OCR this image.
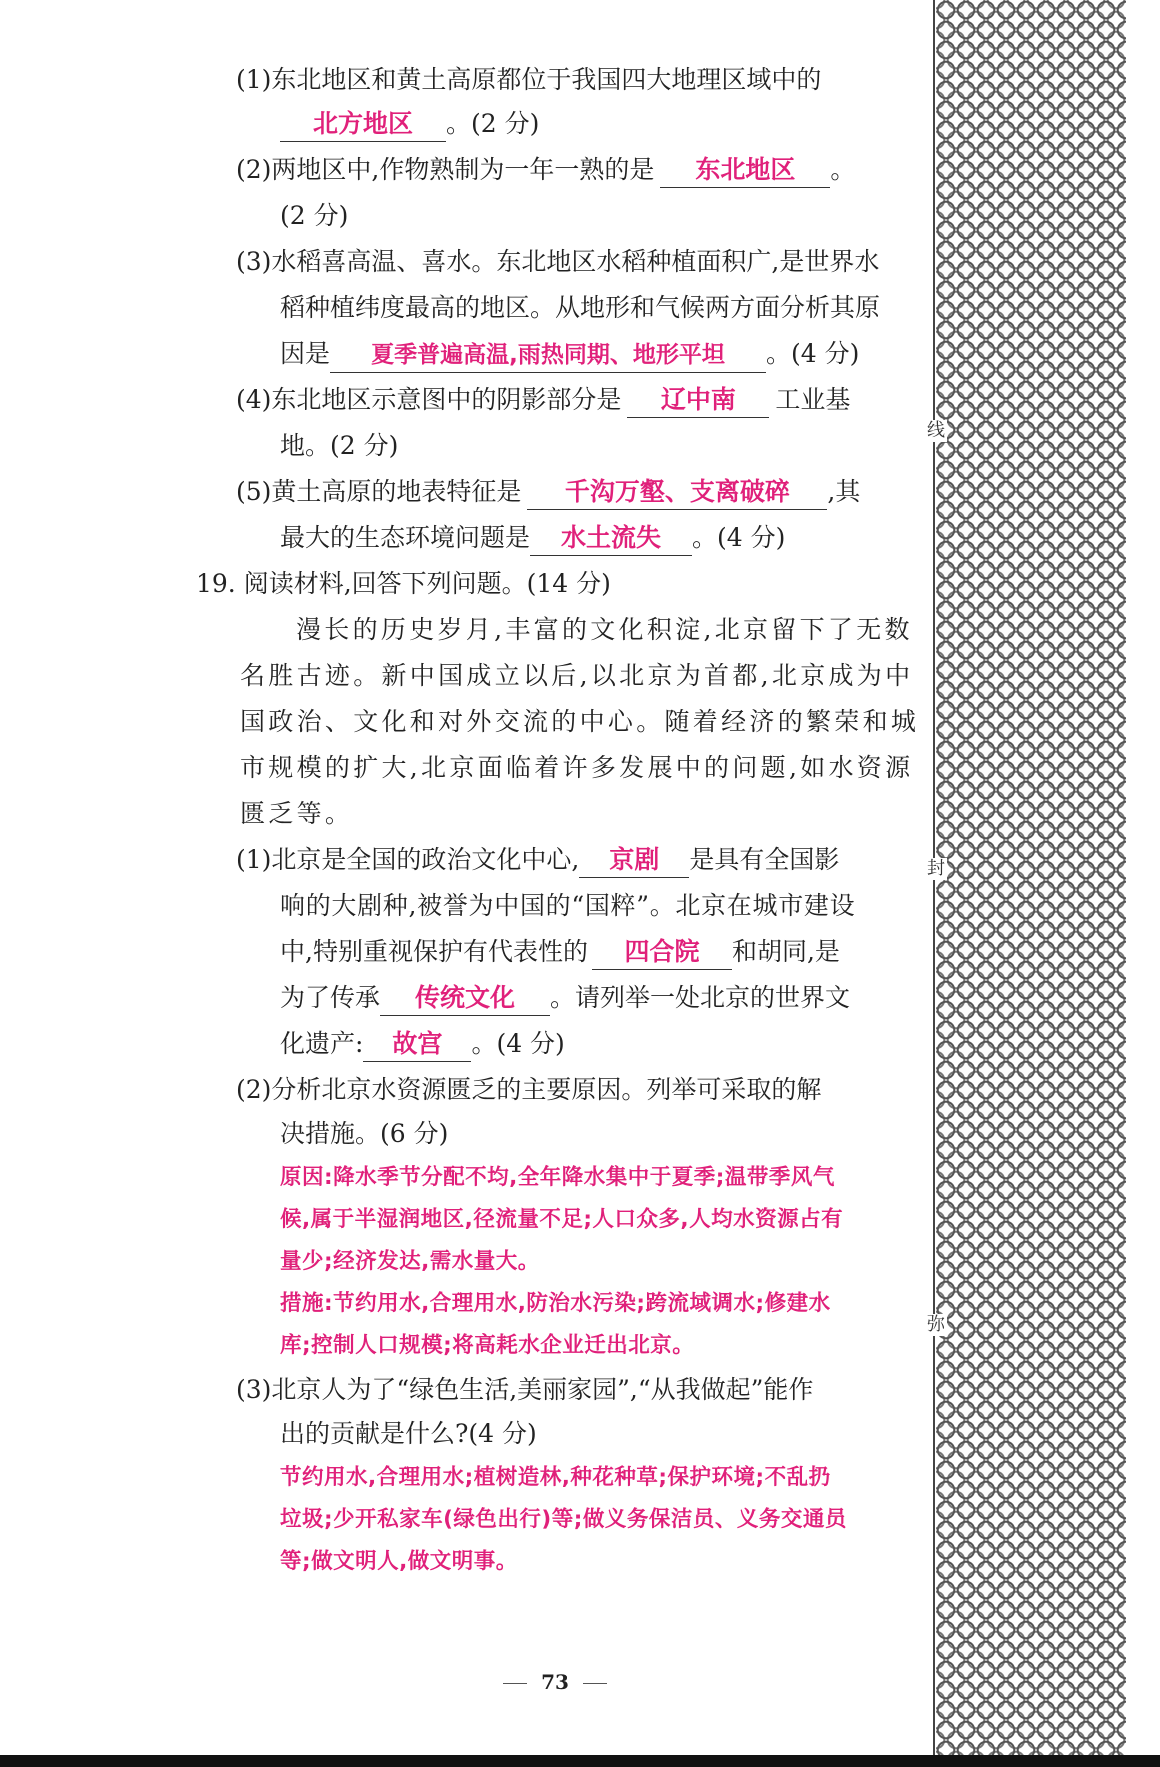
(1)东北地区和黄土高原都位于我国四大地理区域中的
北方地区 。(2 分)
(2)两地区中,作物熟制为一年一熟的是 东北地区 。
(2 分)
(3)水稻喜高温、喜水。东北地区水稻种植面积广,是世界水
稻种植纬度最高的地区。从地形和气候两方面分析其原
因是 夏季普遍高温,雨热同期、地形平坦 。(4 分)
(4)东北地区示意图中的阴影部分是 辽中南 工业基
地。(2 分)
(5)黄土高原的地表特征是 千沟万壑、支离破碎 ,其
最大的生态环境问题是 水土流失 。(4 分)
19. 阅读材料,回答下列问题。(14 分)
漫长的历史岁月,丰富的文化积淀,北京留下了无数
名胜古迹。新中国成立以后,以北京为首都,北京成为中
国政治、文化和对外交流的中心。随着经济的繁荣和城
市规模的扩大,北京面临着许多发展中的问题,如水资源
匮乏等。
(1)北京是全国的政治文化中心, 京剧 是具有全国影
响的大剧种,被誉为中国的“国粹”。北京在城市建设
中,特别重视保护有代表性的 四合院 和胡同,是
为了传承 传统文化 。请列举一处北京的世界文
化遗产: 故宫 。(4 分)
(2)分析北京水资源匮乏的主要原因。列举可采取的解
决措施。(6 分)
原因:降水季节分配不均,全年降水集中于夏季;温带季风气
候,属于半湿润地区,径流量不足;人口众多,人均水资源占有
量少;经济发达,需水量大。
措施:节约用水,合理用水,防治水污染;跨流域调水;修建水
库;控制人口规模;将高耗水企业迁出北京。
(3)北京人为了“绿色生活,美丽家园”,“从我做起”能作
出的贡献是什么?(4 分)
节约用水,合理用水;植树造林,种花种草;保护环境;不乱扔
垃圾;少开私家车(绿色出行)等;做义务保洁员、义务交通员
等;做文明人,做文明事。
73
线
封
弥
